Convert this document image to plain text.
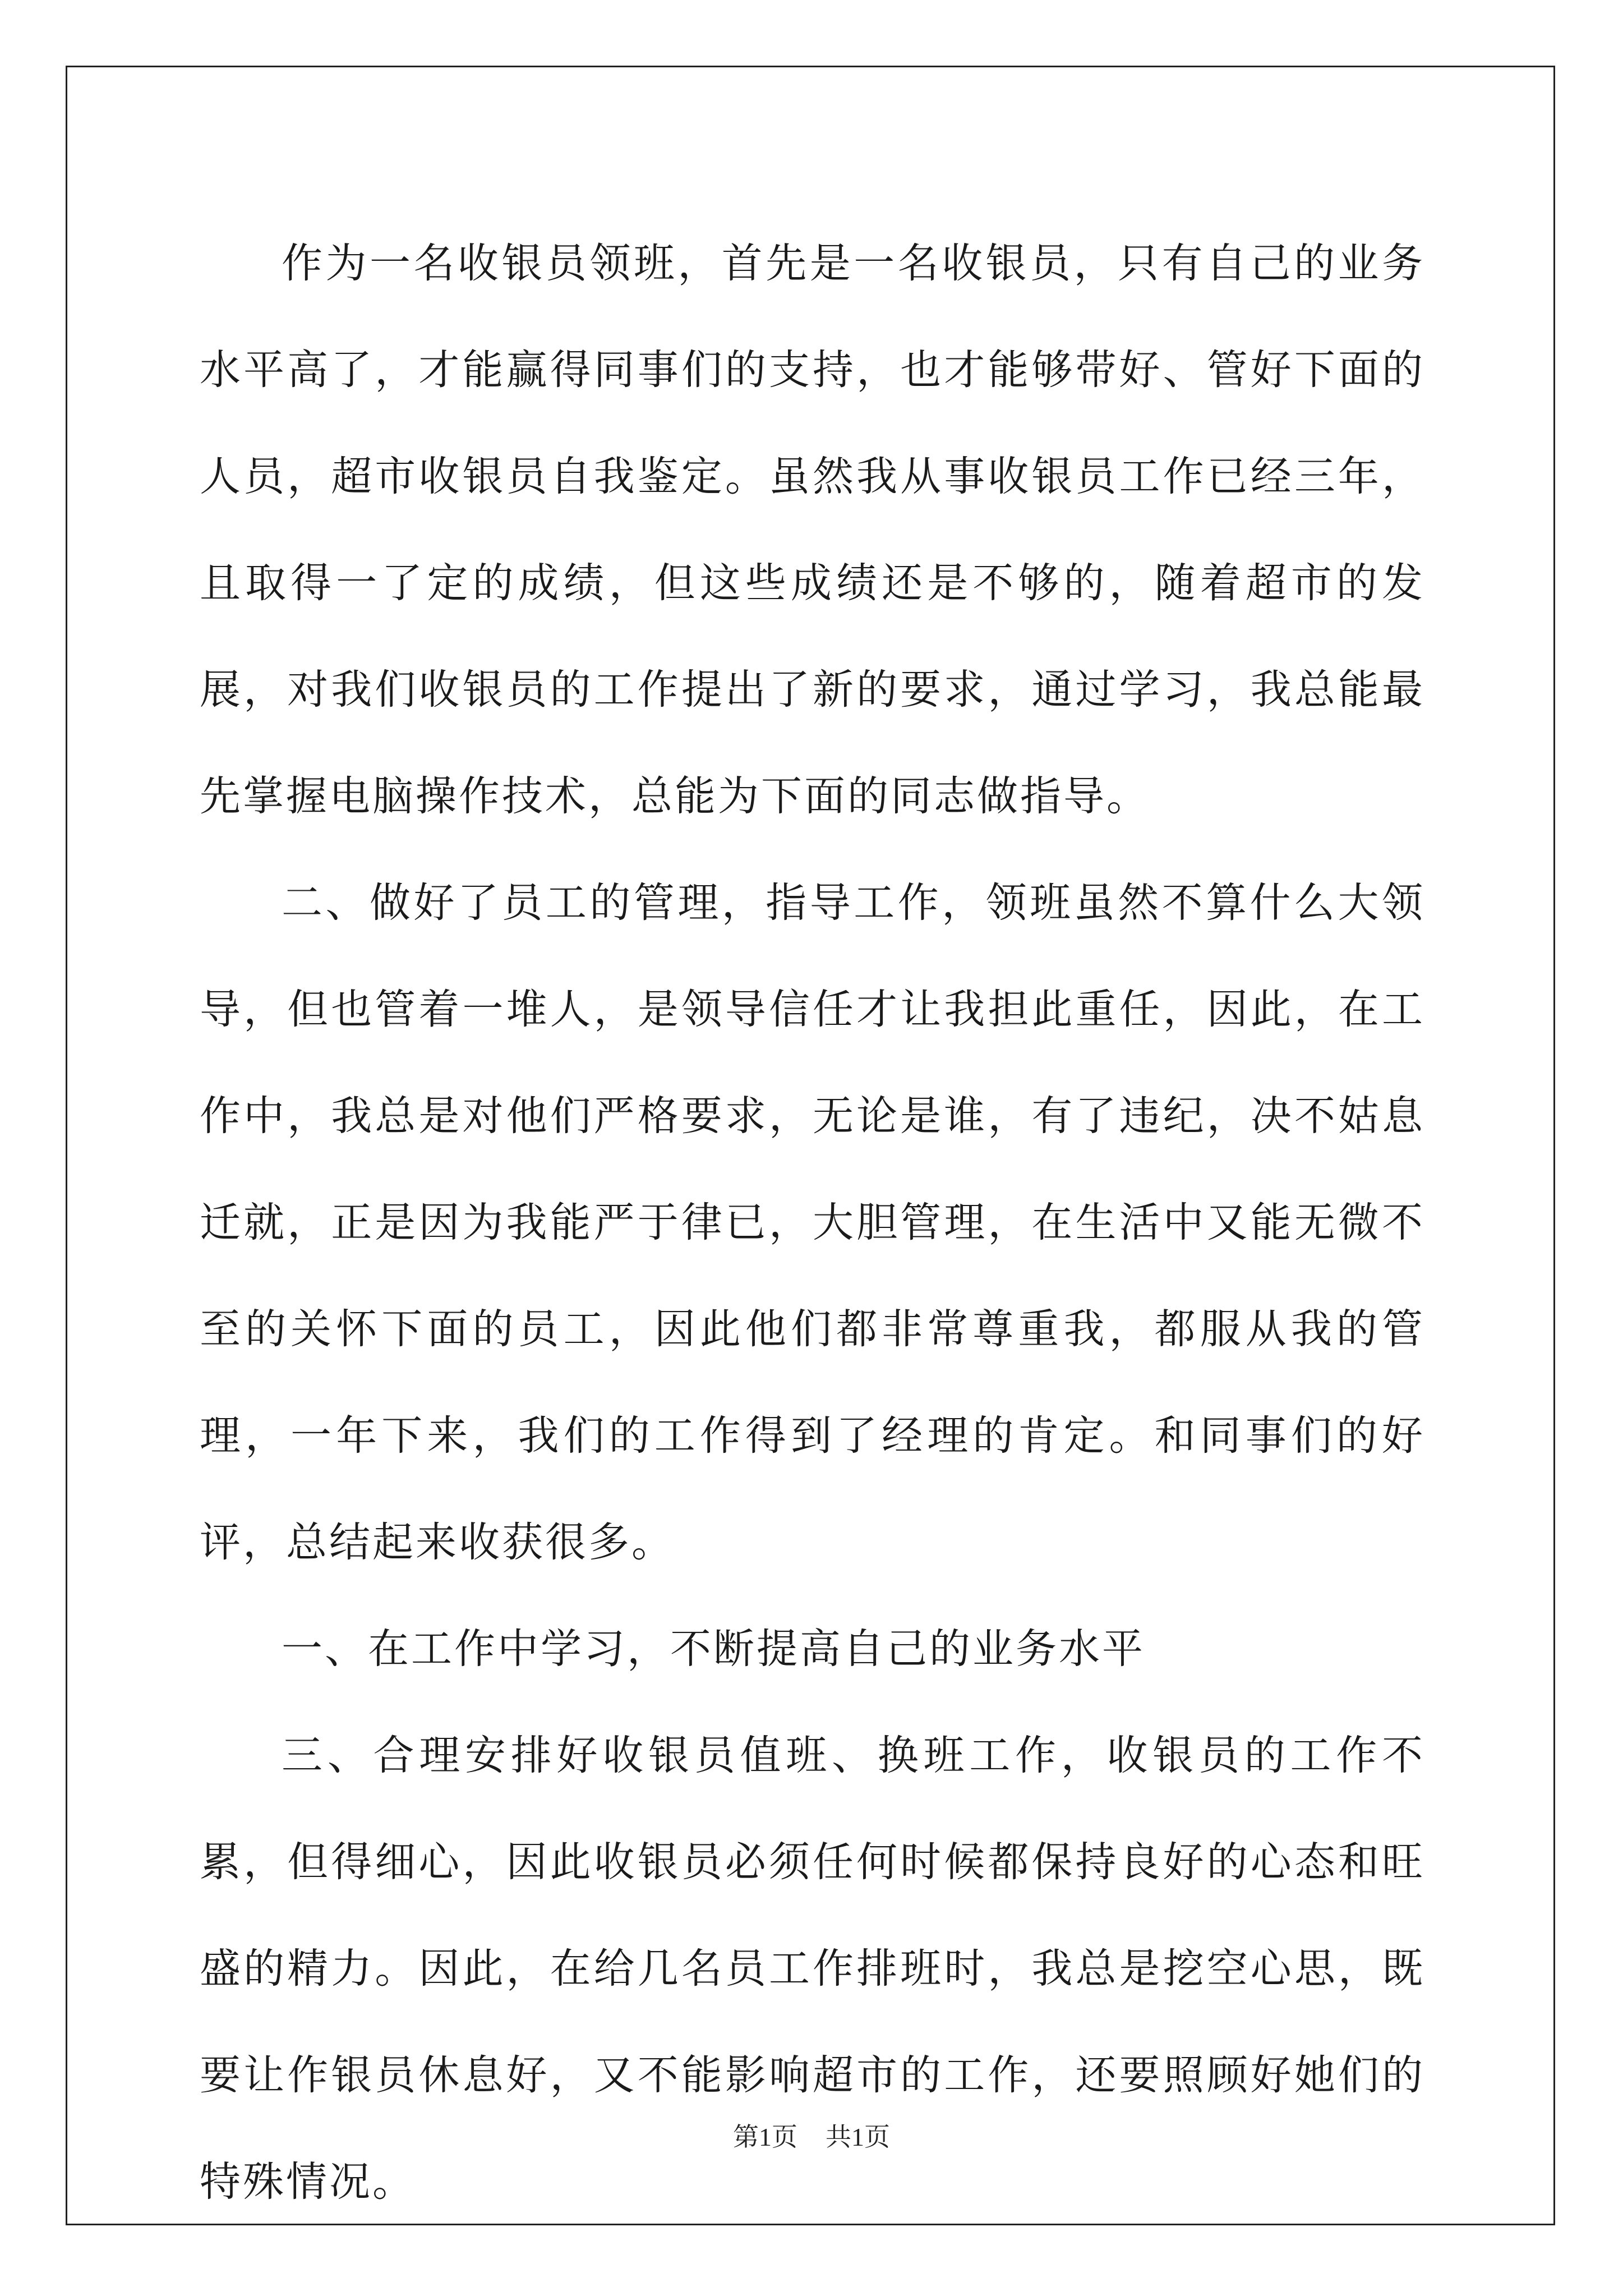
作为一名收银员领班，首先是一名收银员，只有自己的业务水平高了，才能赢得同事们的支持，也才能够带好、管好下面的人员，超市收银员自我鉴定。虽然我从事收银员工作已经三年，且取得一了定的成绩，但这些成绩还是不够的，随着超市的发展，对我们收银员的工作提出了新的要求，通过学习，我总能最先掌握电脑操作技术，总能为下面的同志做指导。

二、做好了员工的管理，指导工作，领班虽然不算什么大领导，但也管着一堆人，是领导信任才让我担此重任，因此，在工作中，我总是对他们严格要求，无论是谁，有了违纪，决不姑息迁就，正是因为我能严于律已，大胆管理，在生活中又能无微不至的关怀下面的员工，因此他们都非常尊重我，都服从我的管理，一年下来，我们的工作得到了经理的肯定。和同事们的好评，总结起来收获很多。

一、在工作中学习，不断提高自己的业务水平

三、合理安排好收银员值班、换班工作，收银员的工作不累，但得细心，因此收银员必须任何时候都保持良好的心态和旺盛的精力。因此，在给几名员工作排班时，我总是挖空心思，既要让作银员休息好，又不能影响超市的工作，还要照顾好她们的特殊情况。

第1页 共1页
